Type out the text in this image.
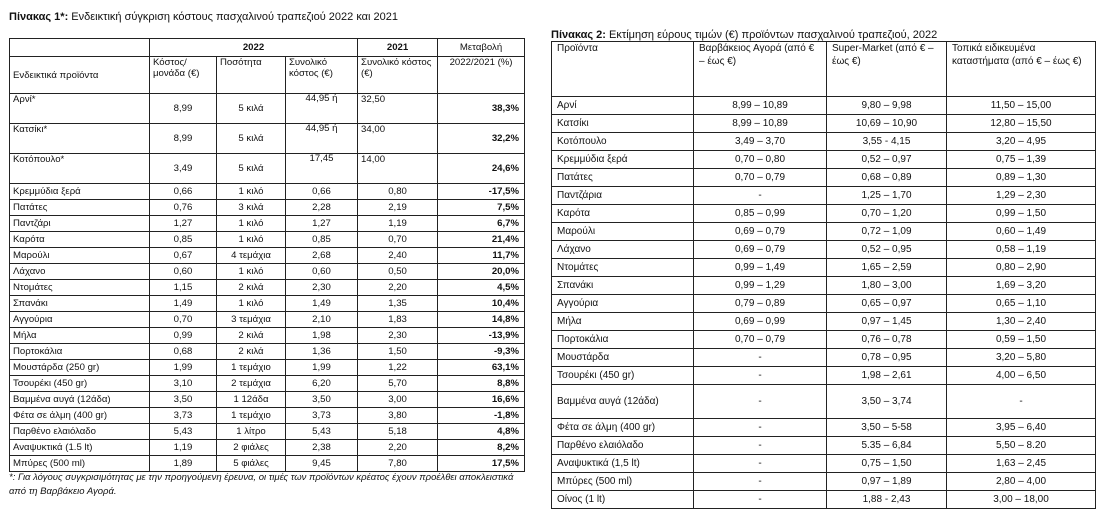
Πίνακας 1*: Ενδεικτική σύγκριση κόστους πασχαλινού τραπεζιού 2022 και 2021
	2022			2021	Μεταβολή
Ενδεικτικά προϊόντα	Κόστος/ μονάδα (€)	Ποσότητα	Συνολικό κόστος (€)	Συνολικό κόστος (€)	2022/2021 (%)
Αρνί*	8,99	5 κιλά	44,95 ή	32,50	38,3%
Κατσίκι*	8,99	5 κιλά	44,95 ή	34,00	32,2%
Κοτόπουλο*	3,49	5 κιλά	17,45	14,00	24,6%
Κρεμμύδια ξερά	0,66	1 κιλό	0,66	0,80	-17,5%
Πατάτες	0,76	3 κιλά	2,28	2,19	7,5%
Παντζάρι	1,27	1 κιλό	1,27	1,19	6,7%
Καρότα	0,85	1 κιλό	0,85	0,70	21,4%
Μαρούλι	0,67	4 τεμάχια	2,68	2,40	11,7%
Λάχανο	0,60	1 κιλό	0,60	0,50	20,0%
Ντομάτες	1,15	2 κιλά	2,30	2,20	4,5%
Σπανάκι	1,49	1 κιλό	1,49	1,35	10,4%
Αγγούρια	0,70	3 τεμάχια	2,10	1,83	14,8%
Μήλα	0,99	2 κιλά	1,98	2,30	-13,9%
Πορτοκάλια	0,68	2 κιλά	1,36	1,50	-9,3%
Μουστάρδα (250 gr)	1,99	1 τεμάχιο	1,99	1,22	63,1%
Τσουρέκι (450 gr)	3,10	2 τεμάχια	6,20	5,70	8,8%
Βαμμένα αυγά (12άδα)	3,50	1 12άδα	3,50	3,00	16,6%
Φέτα σε άλμη (400 gr)	3,73	1 τεμάχιο	3,73	3,80	-1,8%
Παρθένο ελαιόλαδο	5,43	1 λίτρο	5,43	5,18	4,8%
Αναψυκτικά (1.5 lt)	1,19	2 φιάλες	2,38	2,20	8,2%
Μπύρες (500 ml)	1,89	5 φιάλες	9,45	7,80	17,5%
*: Για λόγους συγκρισιμότητας με την προηγούμενη έρευνα, οι τιμές των προϊόντων κρέατος έχουν προέλθει αποκλειστικά από τη Βαρβάκειο Αγορά.
Πίνακας 2: Εκτίμηση εύρους τιμών (€) προϊόντων πασχαλινού τραπεζιού, 2022
Προϊόντα	Βαρβάκειος Αγορά (από € – έως €)	Super-Market (από € – έως €)	Τοπικά ειδικευμένα καταστήματα (από € – έως €)
Αρνί	8,99 – 10,89	9,80 – 9,98	11,50 – 15,00
Κατσίκι	8,99 – 10,89	10,69 – 10,90	12,80 – 15,50
Κοτόπουλο	3,49 – 3,70	3,55 - 4,15	3,20 – 4,95
Κρεμμύδια ξερά	0,70 – 0,80	0,52 – 0,97	0,75 – 1,39
Πατάτες	0,70 – 0,79	0,68 – 0,89	0,89 – 1,30
Παντζάρια	-	1,25 – 1,70	1,29 – 2,30
Καρότα	0,85 – 0,99	0,70 – 1,20	0,99 – 1,50
Μαρούλι	0,69 – 0,79	0,72 – 1,09	0,60 – 1,49
Λάχανο	0,69 – 0,79	0,52 – 0,95	0,58 – 1,19
Ντομάτες	0,99 – 1,49	1,65 – 2,59	0,80 – 2,90
Σπανάκι	0,99 – 1,29	1,80 – 3,00	1,69 – 3,20
Αγγούρια	0,79 – 0,89	0,65 – 0,97	0,65 – 1,10
Μήλα	0,69 – 0,99	0,97 – 1,45	1,30 – 2,40
Πορτοκάλια	0,70 – 0,79	0,76 – 0,78	0,59 – 1,50
Μουστάρδα	-	0,78 – 0,95	3,20 – 5,80
Τσουρέκι (450 gr)	-	1,98 – 2,61	4,00 – 6,50
Βαμμένα αυγά (12άδα)	-	3,50 – 3,74	-
Φέτα σε άλμη (400 gr)	-	3,50 – 5-58	3,95 – 6,40
Παρθένο ελαιόλαδο	-	5.35 – 6,84	5,50 – 8.20
Αναψυκτικά (1,5 lt)	-	0,75 – 1,50	1,63 – 2,45
Μπύρες (500 ml)	-	0,97 – 1,89	2,80 – 4,00
Οίνος (1 lt)	-	1,88 - 2,43	3,00 – 18,00
